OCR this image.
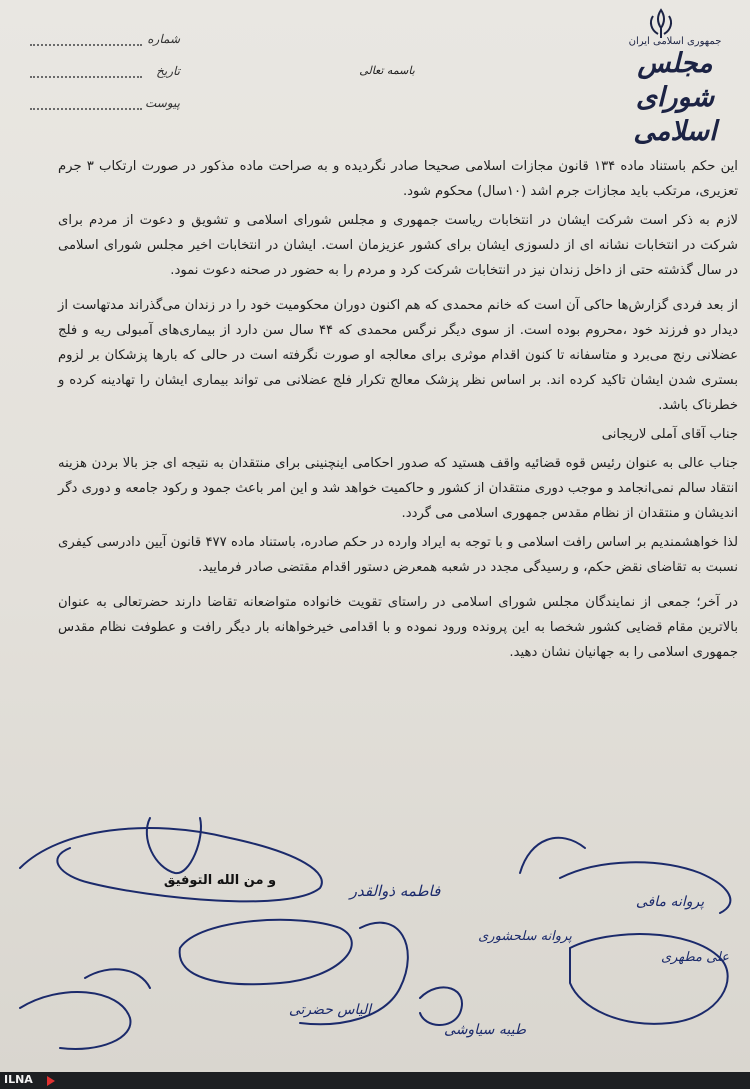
جمهوری اسلامی ایران
مجلس شورای اسلامی
باسمه تعالی
شماره
تاریخ
پیوست

این حکم باستناد ماده ۱۳۴ قانون مجازات اسلامی صحیحا صادر نگردیده و به صراحت ماده مذکور در صورت ارتکاب ۳ جرم تعزیری، مرتکب باید مجازات جرم اشد (۱۰سال) محکوم شود.

لازم به ذکر است شرکت ایشان در انتخابات ریاست جمهوری و مجلس شورای اسلامی و تشویق و دعوت از مردم برای شرکت در انتخابات نشانه ای از دلسوزی ایشان برای کشور عزیزمان است. ایشان در انتخابات اخیر مجلس شورای اسلامی در سال گذشته حتی از داخل زندان نیز در انتخابات شرکت کرد و مردم را به حضور در صحنه دعوت نمود.

از بعد فردی گزارش‌ها حاکی آن است که خانم محمدی که هم اکنون دوران محکومیت خود را در زندان می‌گذراند مدتهاست از دیدار دو فرزند خود ،محروم بوده است. از سوی دیگر نرگس محمدی که ۴۴ سال سن دارد از بیماری‌های آمبولی ریه و فلج عضلانی رنج می‌برد و متاسفانه تا کنون اقدام موثری برای معالجه او صورت نگرفته است در حالی که بارها پزشکان بر لزوم بستری شدن ایشان تاکید کرده اند. بر اساس نظر پزشک معالج تکرار فلج عضلانی می تواند بیماری ایشان را تهادینه کرده و خطرناک باشد.

جناب آقای آملی لاریجانی

جناب عالی به عنوان رئیس قوه قضائیه واقف هستید که صدور احکامی اینچنینی برای منتقدان به نتیجه ای جز بالا بردن هزینه انتقاد سالم نمی‌انجامد و موجب دوری منتقدان از کشور و حاکمیت خواهد شد و این امر باعث جمود و رکود جامعه و دوری دگر اندیشان و منتقدان از نظام مقدس جمهوری اسلامی می گردد.

لذا خواهشمندیم بر اساس رافت اسلامی و با توجه به ایراد وارده در حکم صادره، باستناد ماده ۴۷۷ قانون آیین دادرسی کیفری نسبت به تقاضای نقض حکم، و رسیدگی مجدد در شعبه همعرض دستور اقدام مقتضی صادر فرمایید.

در آخر؛ جمعی از نمایندگان مجلس شورای اسلامی در راستای تقویت خانواده متواضعانه تقاضا دارند حضرتعالی به عنوان بالاترین مقام قضایی کشور شخصا به این پرونده ورود نموده و با اقدامی خیرخواهانه بار دیگر رافت و عطوفت نظام مقدس جمهوری اسلامی را به جهانیان نشان دهید.

و من الله التوفیق
فاطمه ذوالقدر
پروانه سلحشوری
علی مطهری
طیبه سیاوشی
پروانه مافی
الیاس حضرتی
ILNA
